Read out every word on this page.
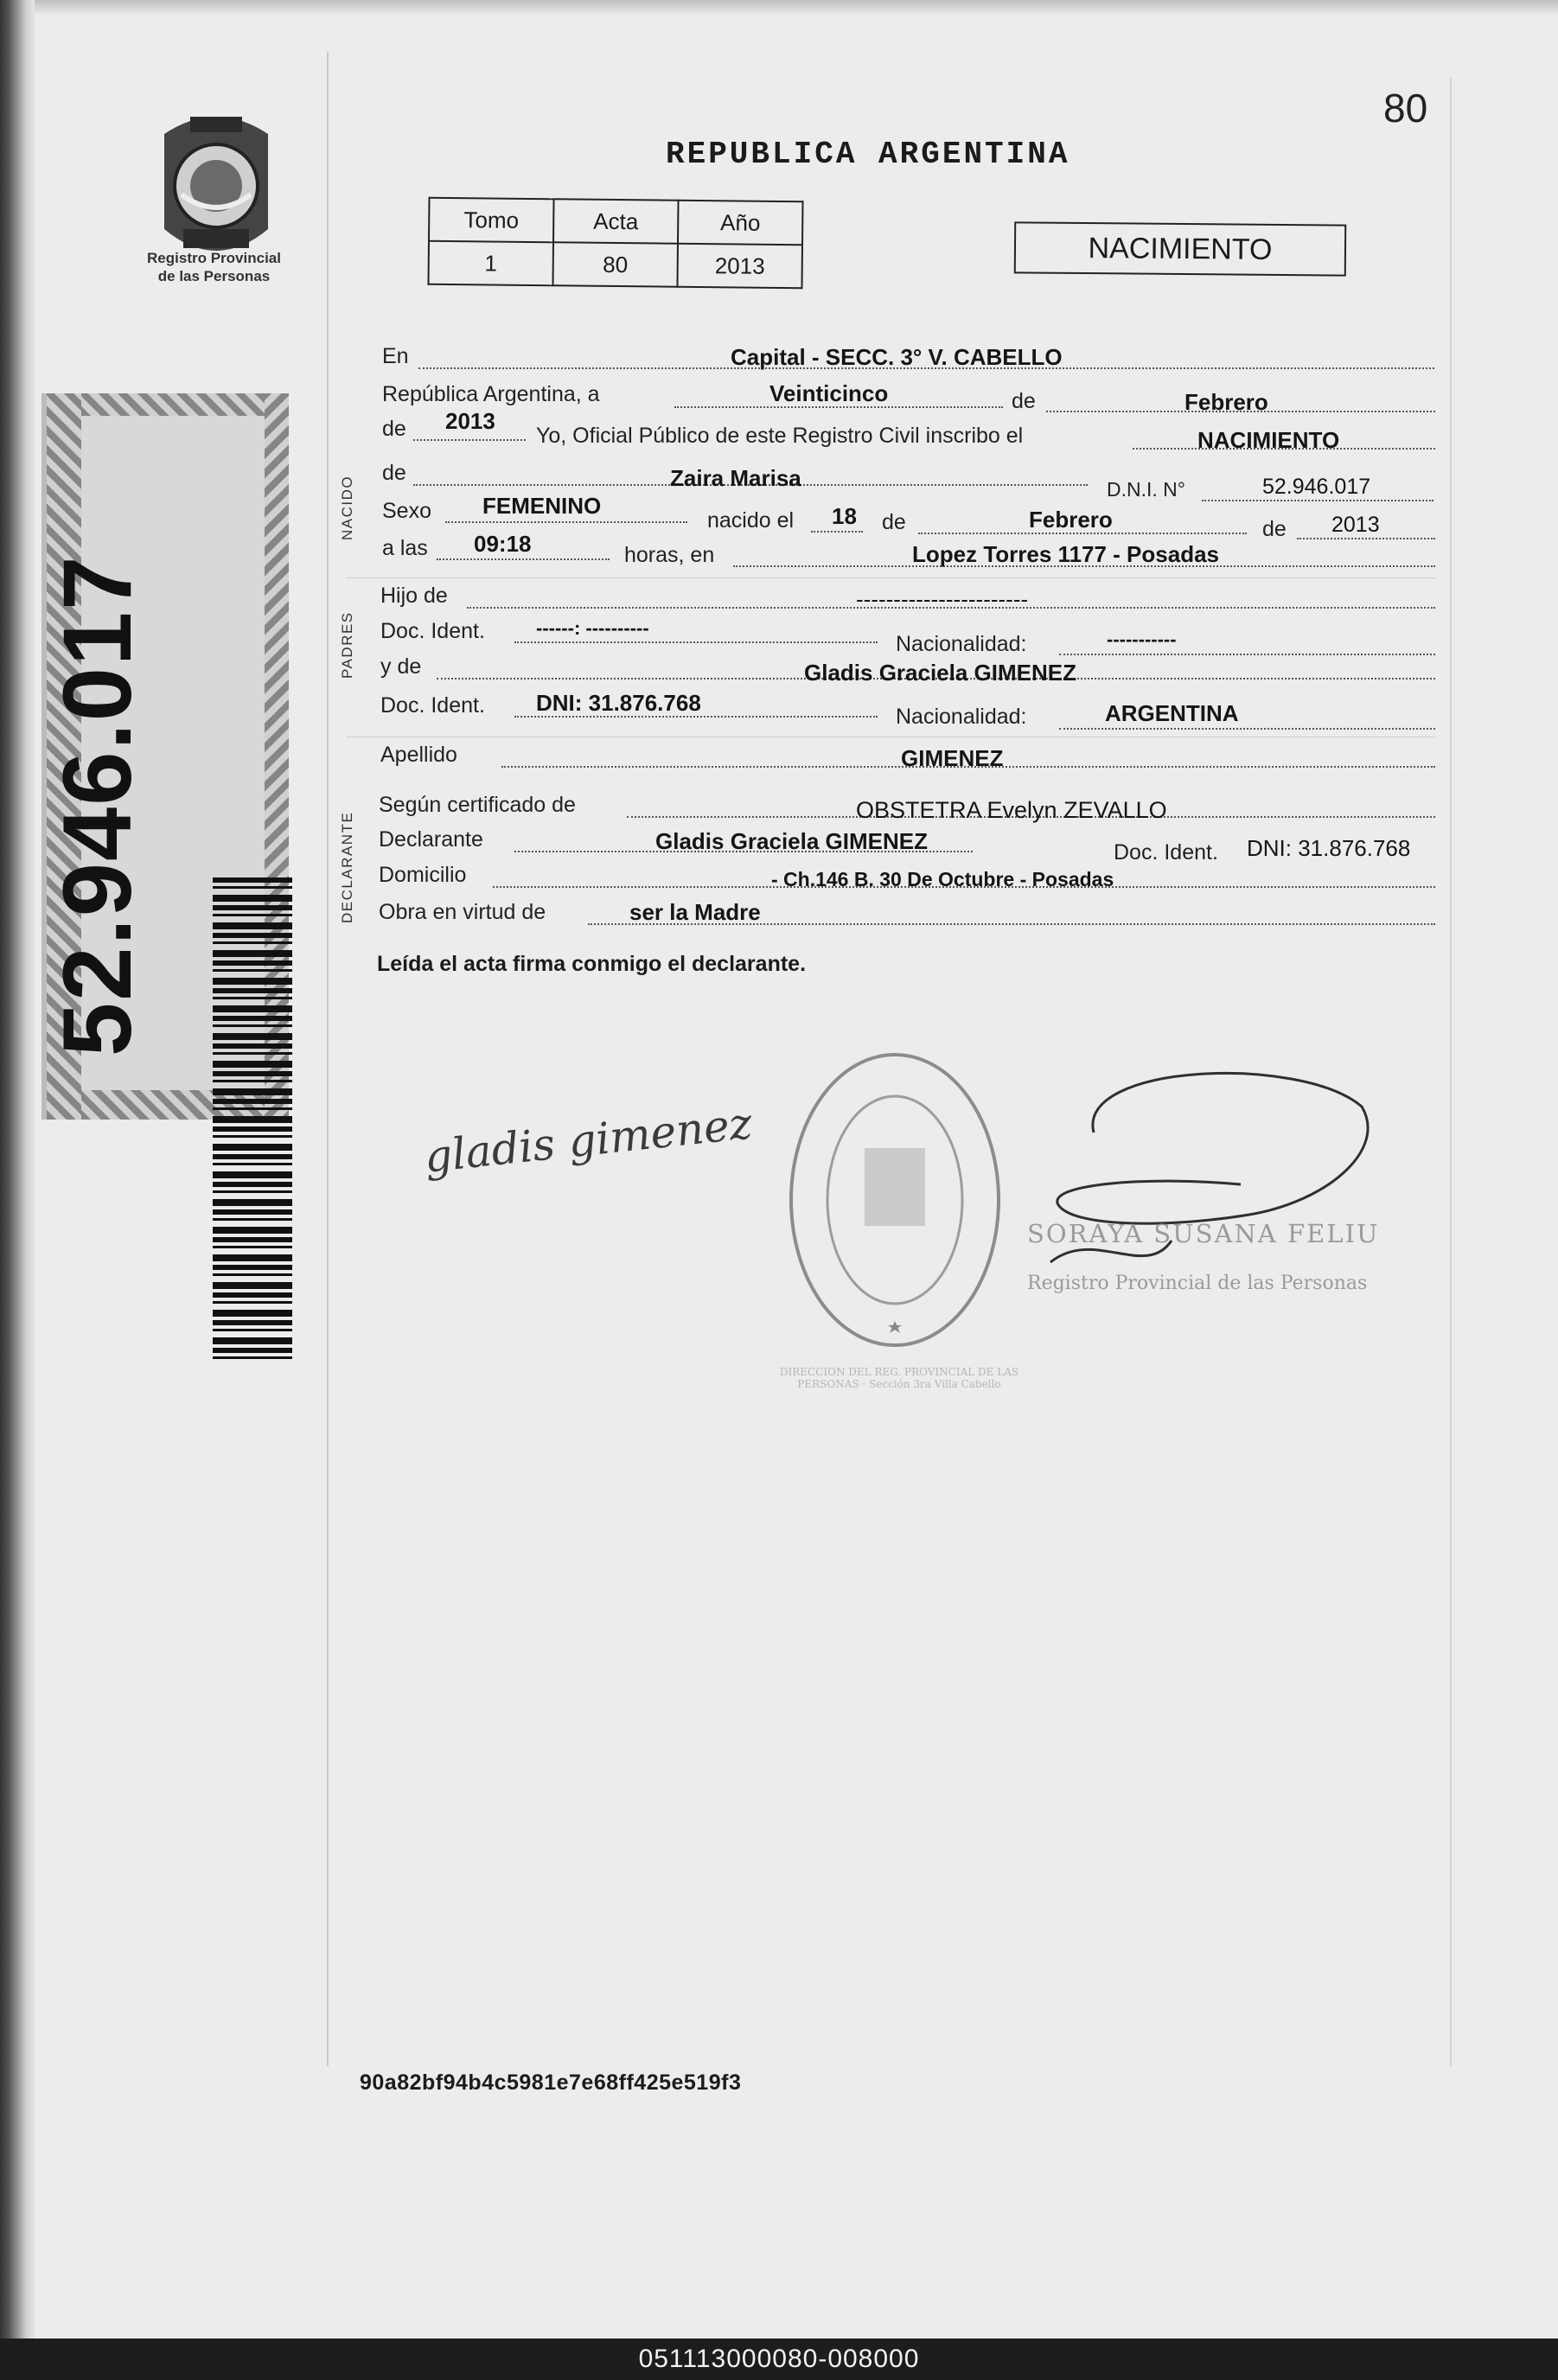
80
REPUBLICA ARGENTINA
Registro Provincial
de las Personas
Tomo	Acta	Año
1	80	2013	NACIMIENTO
52.946.017
NACIDO
PADRES
DECLARANTE
En	Capital - SECC. 3° V. CABELLO
República Argentina, a	Veinticinco	de	Febrero
de 2013
Yo, Oficial Público de este Registro Civil inscribo el	NACIMIENTO
de	Zaira Marisa	D.N.I. N°	52.946.017
Sexo FEMENINO
nacido el 18 de	Febrero	de 2013
a las 09:18	horas, en	Lopez Torres 1177 - Posadas
Hijo de	-----------------------
Doc. Ident.	------: ----------
Nacionalidad:	-----------
y de	Gladis Graciela GIMENEZ
Doc. Ident. DNI: 31.876.768
Nacionalidad:	ARGENTINA
Apellido	GIMENEZ
Según certificado de	OBSTETRA Evelyn ZEVALLO
Declarante	Gladis Graciela GIMENEZ	Doc. Ident. DNI: 31.876.768
Domicilio	- Ch.146 B. 30 De Octubre - Posadas
Obra en virtud de	ser la Madre
Leída el acta firma conmigo el declarante.
gladis gimenez
SORAYA SUSANA FELIU
Registro Provincial de las Personas
DIRECCION DEL REG. PROVINCIAL DE LAS PERSONAS · Sección 3ra Villa Cabello
90a82bf94b4c5981e7e68ff425e519f3
051113000080-008000
